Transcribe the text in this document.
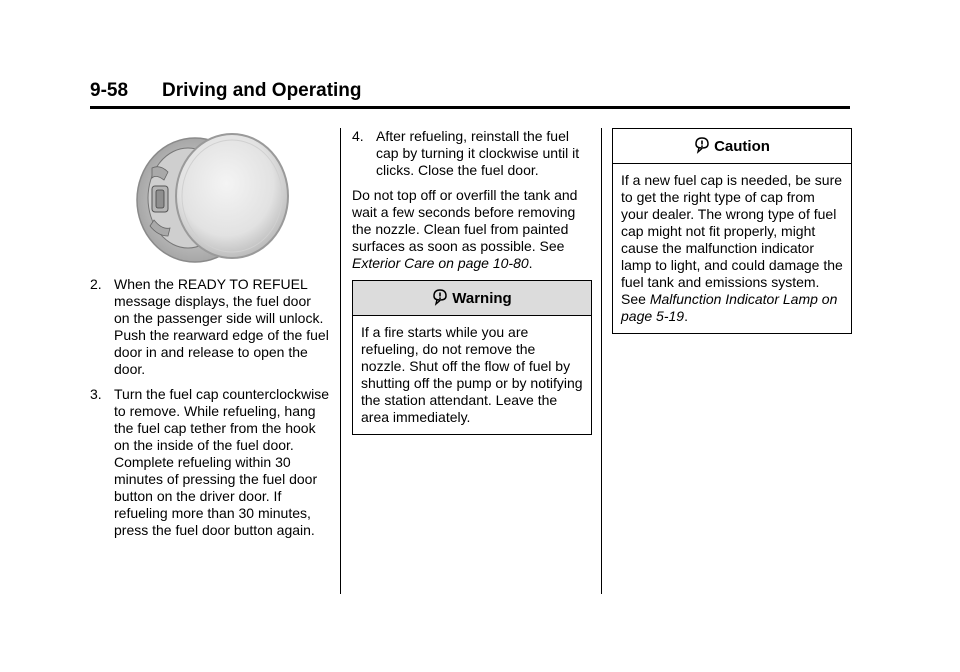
9-58 Driving and Operating
2. When the READY TO REFUEL message displays, the fuel door on the passenger side will unlock. Push the rearward edge of the fuel door in and release to open the door.
3. Turn the fuel cap counterclockwise to remove. While refueling, hang the fuel cap tether from the hook on the inside of the fuel door. Complete refueling within 30 minutes of pressing the fuel door button on the driver door. If refueling more than 30 minutes, press the fuel door button again.
4. After refueling, reinstall the fuel cap by turning it clockwise until it clicks. Close the fuel door.

Do not top off or overfill the tank and wait a few seconds before removing the nozzle. Clean fuel from painted surfaces as soon as possible. See Exterior Care on page 10-80.

Warning
If a fire starts while you are refueling, do not remove the nozzle. Shut off the flow of fuel by shutting off the pump or by notifying the station attendant. Leave the area immediately.
Caution
If a new fuel cap is needed, be sure to get the right type of cap from your dealer. The wrong type of fuel cap might not fit properly, might cause the malfunction indicator lamp to light, and could damage the fuel tank and emissions system. See Malfunction Indicator Lamp on page 5-19.
